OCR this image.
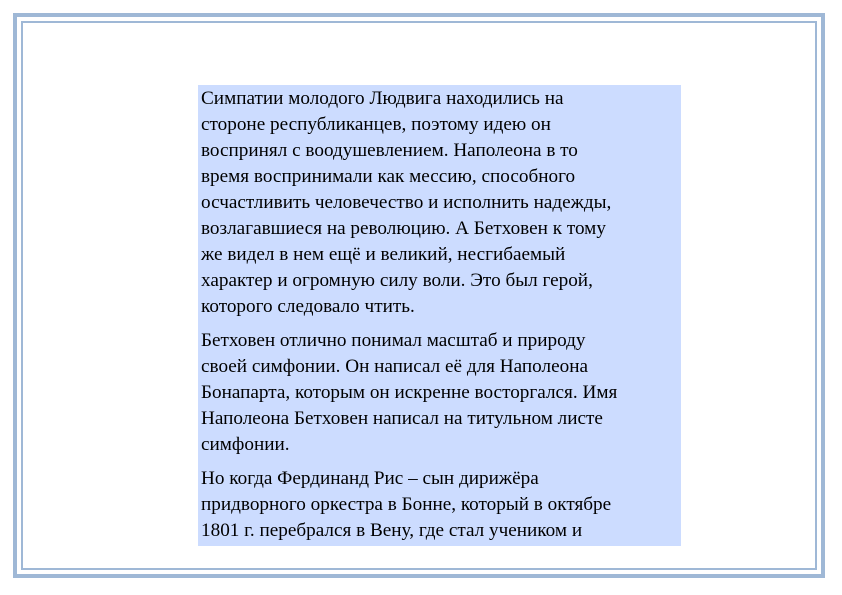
Симпатии молодого Людвига находились на
стороне республиканцев, поэтому идею он
воспринял с воодушевлением. Наполеона в то
время воспринимали как мессию, способного
осчастливить человечество и исполнить надежды,
возлагавшиеся на революцию. А Бетховен к тому
же видел в нем ещё и великий, несгибаемый
характер и огромную силу воли. Это был герой,
которого следовало чтить.

Бетховен отлично понимал масштаб и природу
своей симфонии. Он написал её для Наполеона
Бонапарта, которым он искренне восторгался. Имя
Наполеона Бетховен написал на титульном листе
симфонии.

Но когда Фердинанд Рис – сын дирижёра
придворного оркестра в Бонне, который в октябре
1801 г. перебрался в Вену, где стал учеником и
